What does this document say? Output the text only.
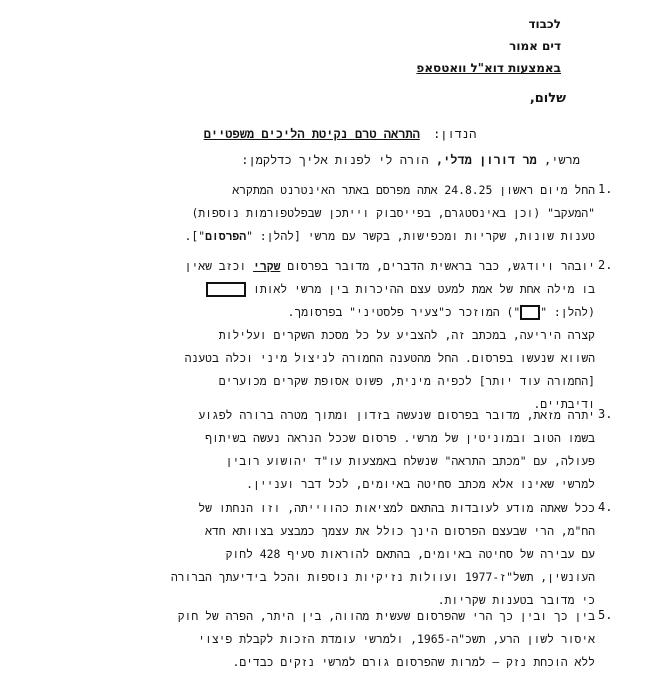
לכבוד
דים אמור
באמצעות דוא"ל וואטסאפ
שלום,
הנדון: התראה טרם נקיטת הליכים משפטיים
מרשי, מר דורון מדלי, הורה לי לפנות אליך כדלקמן:
1.
החל מיום ראשון 24.8.25 אתה מפרסם באתר האינטרנט המתקרא
"המעקב" (וכן באינסטגרם, בפייסבוק וייתכן שבפלטפורמות נוספות)
טענות שונות, שקריות ומכפישות, בקשר עם מרשי [להלן: "הפרסום"].
2.
יובהר ויודגש, כבר בראשית הדברים, מדובר בפרסום שקרי וכזב שאין
בו מילה אחת של אמת למעט עצם ההיכרות בין מרשי לאותו
(להלן: "") המוזכר כ"צעיר פלסטיני" בפרסומך.
קצרה היריעה, במכתב זה, להצביע על כל מסכת השקרים ועלילות
השווא שנעשו בפרסום. החל מהטענה החמורה לניצול מיני וכלה בטענה
[החמורה עוד יותר] לכפיה מינית, פשוט אסופת שקרים מכוערים
ודיבתיים.
3.
יתרה מזאת, מדובר בפרסום שנעשה בזדון ומתוך מטרה ברורה לפגוע
בשמו הטוב ובמוניטין של מרשי. פרסום שככל הנראה נעשה בשיתוף
פעולה, עם "מכתב התראה" שנשלח באמצעות עו"ד יהושוע רובין
למרשי שאינו אלא מכתב סחיטה באיומים, לכל דבר ועניין.
4.
ככל שאתה מודע לעובדות בהתאם למציאות כהווייתה, וזו הנחתו של
הח"מ, הרי שבעצם הפרסום הינך כולל את עצמך כמבצע בצוותא חדא
עם עבירה של סחיטה באיומים, בהתאם להוראות סעיף 428 לחוק
העונשין, תשל"ז-1977 ועוולות נזיקיות נוספות והכל בידיעתך הברורה
כי מדובר בטענות שקריות.
5.
בין כך ובין כך הרי שהפרסום שעשית מהווה, בין היתר, הפרה של חוק
איסור לשון הרע, תשכ"ה-1965, ולמרשי עומדת הזכות לקבלת פיצוי
ללא הוכחת נזק – למרות שהפרסום גורם למרשי נזקים כבדים.
